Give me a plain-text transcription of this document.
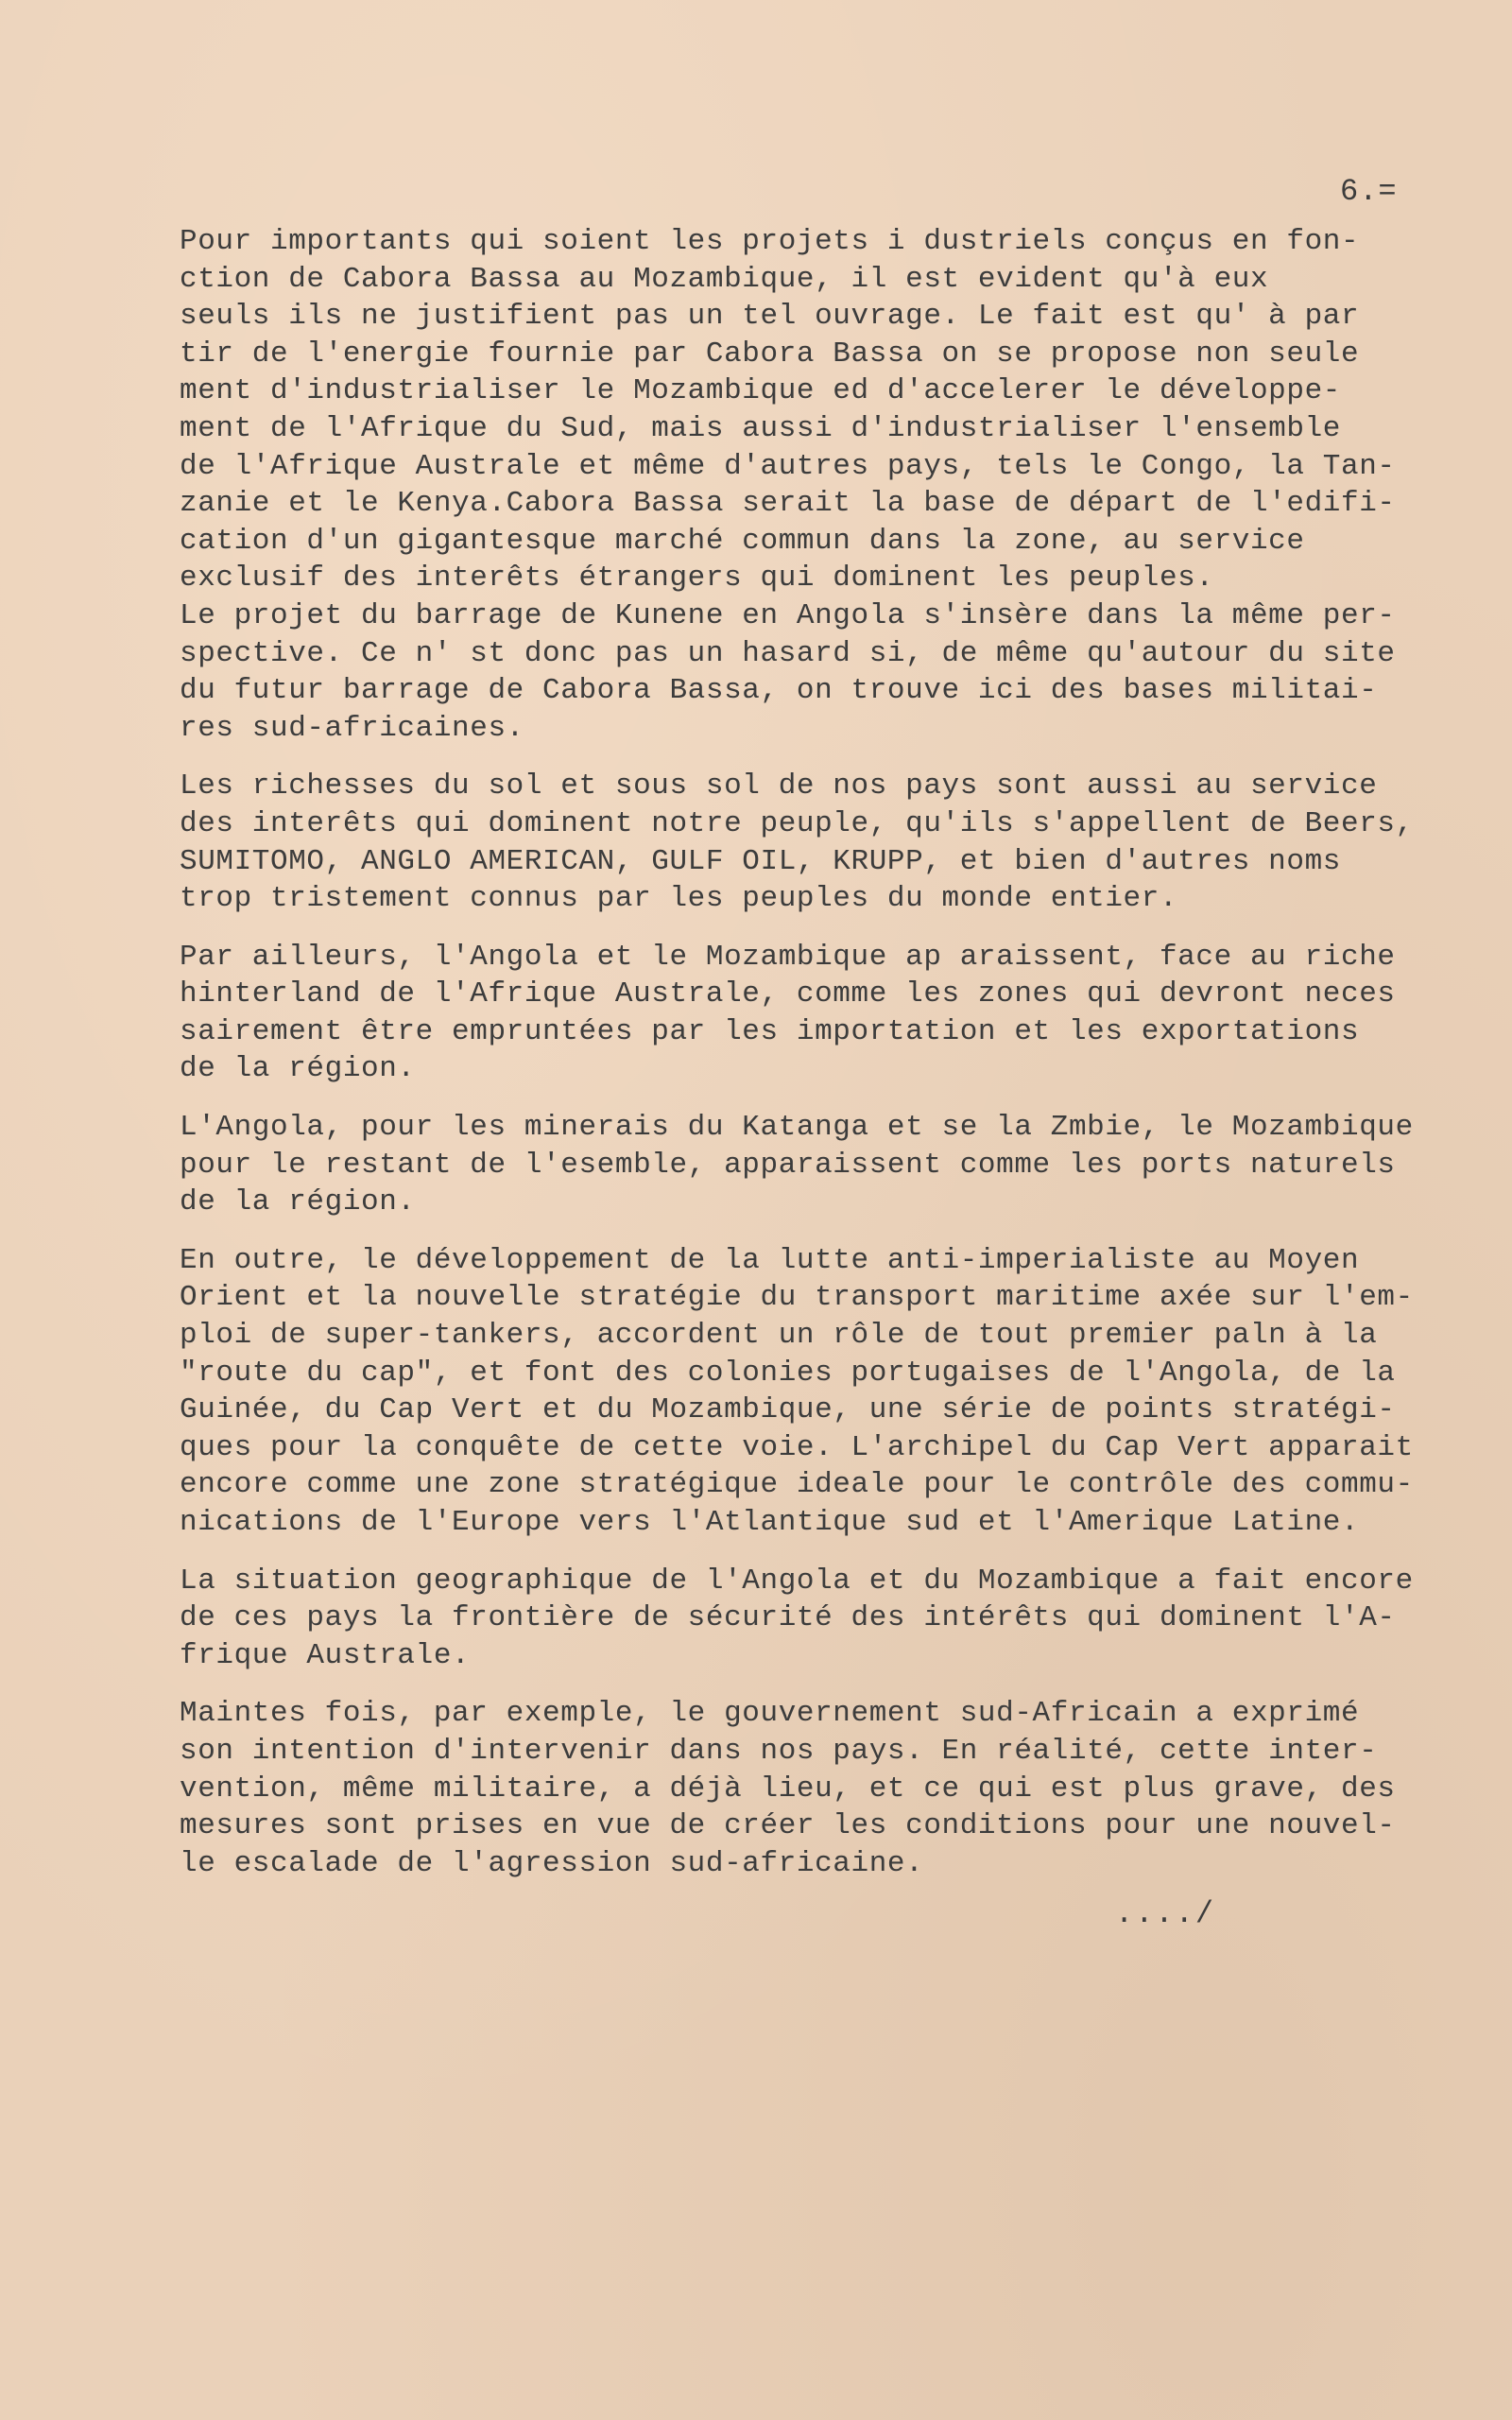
6.=
Pour importants qui soient les projets i dustriels conçus en fon-
ction de Cabora Bassa au Mozambique, il est evident qu'à eux
seuls ils ne justifient pas un tel ouvrage. Le fait est qu' à par
tir de l'energie fournie par Cabora Bassa on se propose non seule
ment d'industrialiser le Mozambique ed d'accelerer le développe-
ment de l'Afrique du Sud, mais aussi d'industrialiser l'ensemble
de l'Afrique Australe et même d'autres pays, tels le Congo, la Tan-
zanie et le Kenya.Cabora Bassa serait la base de départ de l'edifi-
cation d'un gigantesque marché commun dans la zone, au service
exclusif des interêts étrangers qui dominent les peuples.
Le projet du barrage de Kunene en Angola s'insère dans la même per-
spective. Ce n' st donc pas un hasard si, de même qu'autour du site
du futur barrage de Cabora Bassa, on trouve ici des bases militai-
res sud-africaines.
Les richesses du sol et sous sol de nos pays sont aussi au service
des interêts qui dominent notre peuple, qu'ils s'appellent de Beers,
SUMITOMO, ANGLO AMERICAN, GULF OIL, KRUPP, et bien d'autres noms
trop tristement connus par les peuples du monde entier.
Par ailleurs, l'Angola et le Mozambique ap araissent, face au riche
hinterland de l'Afrique Australe, comme les zones qui devront neces
sairement être empruntées par les importation et les exportations
de la région.
L'Angola, pour les minerais du Katanga et se la Zmbie, le Mozambique
pour le restant de l'esemble, apparaissent comme les ports naturels
de la région.
En outre, le développement de la lutte anti-imperialiste au Moyen
Orient et la nouvelle stratégie du transport maritime axée sur l'em-
ploi de super-tankers, accordent un rôle de tout premier paln à la
"route du cap", et font des colonies portugaises de l'Angola, de la
Guinée, du Cap Vert et du Mozambique, une série de points stratégi-
ques pour la conquête de cette voie. L'archipel du Cap Vert apparait
encore comme une zone stratégique ideale pour le contrôle des commu-
nications de l'Europe vers l'Atlantique sud et l'Amerique Latine.
La situation geographique de l'Angola et du Mozambique a fait encore
de ces pays la frontière de sécurité des intérêts qui dominent l'A-
frique Australe.
Maintes fois, par exemple, le gouvernement sud-Africain a exprimé
son intention d'intervenir dans nos pays. En réalité, cette inter-
vention, même militaire, a déjà lieu, et ce qui est plus grave, des
mesures sont prises en vue de créer les conditions pour une nouvel-
le escalade de l'agression sud-africaine.
..../
